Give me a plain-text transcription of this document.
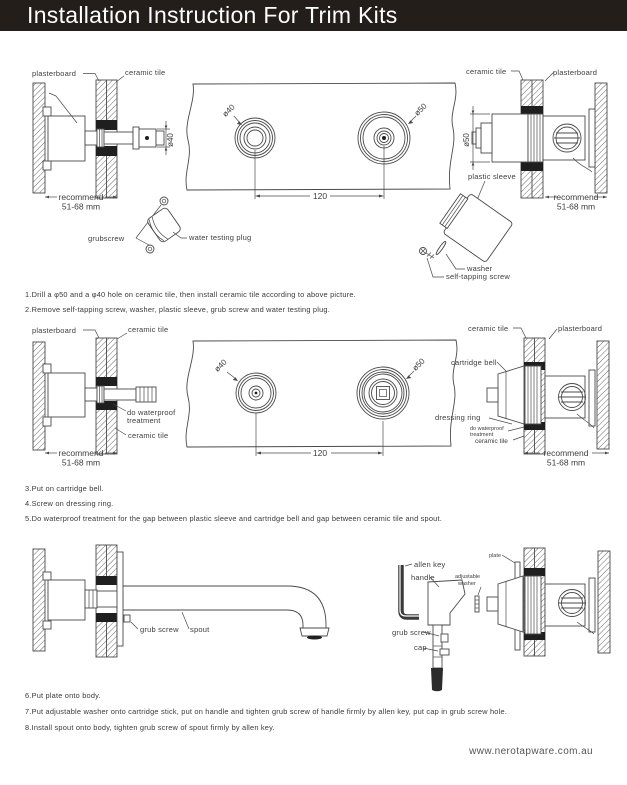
Installation Instruction For Trim Kits
ø40
plasterboard	ceramic tile
recommend
51-68 mm
ø40	ø50
120
grubscrew	water testing plug
ø50
ceramic tile	plasterboard
recommend
51-68 mm
plastic sleeve
washer
self-tapping screw
1.Drill a φ50 and a φ40 hole on ceramic tile, then install ceramic tile according to above picture.
2.Remove self-tapping screw, washer, plastic sleeve, grub screw and water testing plug.
plasterboard	ceramic tile
do waterproof
treatment
ceramic tile
recommend
51-68 mm
ø40	ø50
120
ceramic tile	plasterboard
cartridge bell
dressing ring
do waterproof
treatment
ceramic tile
recommend
51-68 mm
3.Put on cartridge bell.
4.Screw on dressing ring.
5.Do waterproof treatment for the gap between plastic sleeve and cartridge bell and gap between ceramic tile and spout.
grub screw spout
allen key
handle
grub screw
cap
adjustable
washer
plate
6.Put plate onto body.
7.Put adjustable washer onto cartridge stick, put on handle and tighten grub screw of handle firmly by allen key, put cap in grub screw hole.
8.Install spout onto body, tighten grub screw of spout firmly by allen key.
www.nerotapware.com.au
